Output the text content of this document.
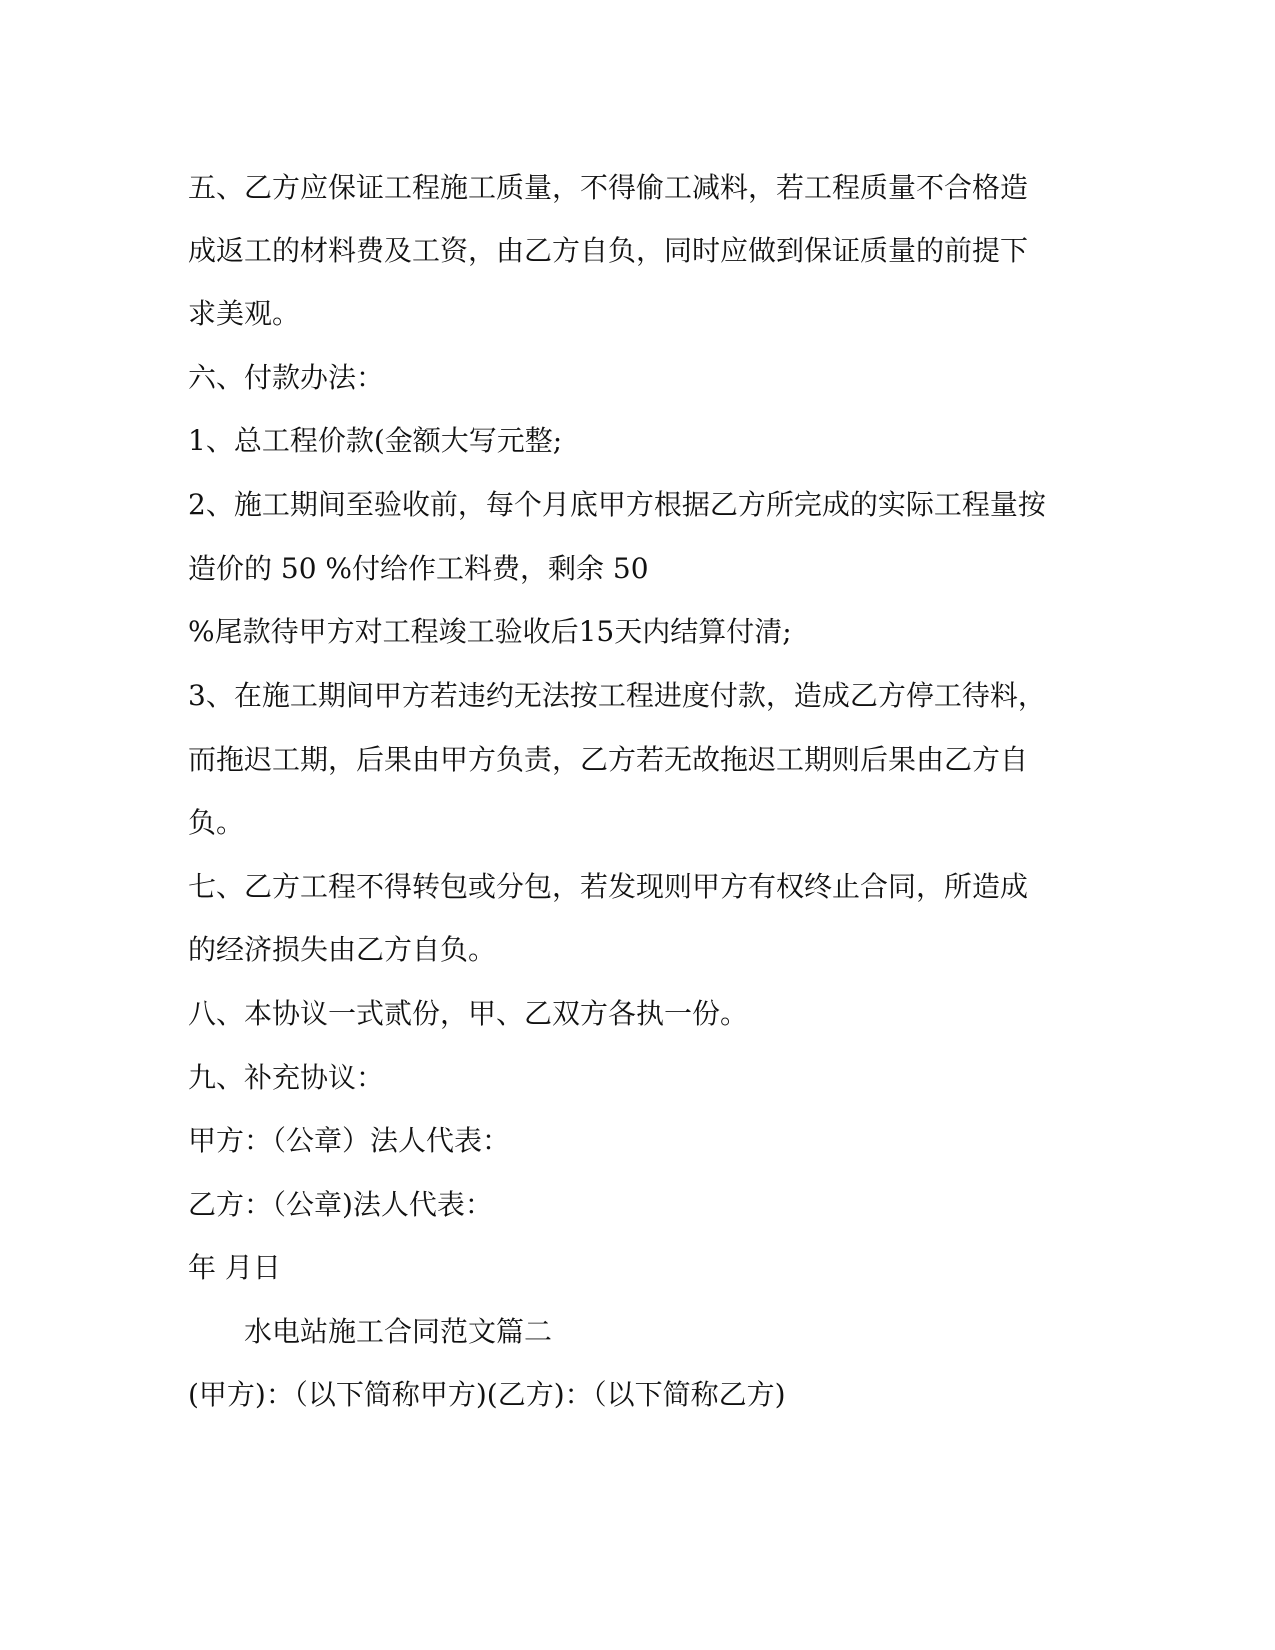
五、乙方应保证工程施工质量，不得偷工减料，若工程质量不合格造
成返工的材料费及工资，由乙方自负，同时应做到保证质量的前提下
求美观。
六、付款办法：
1、总工程价款(金额大写元整;
2、施工期间至验收前，每个月底甲方根据乙方所完成的实际工程量按
造价的 50 %付给作工料费，剩余 50
%尾款待甲方对工程竣工验收后15天内结算付清;
3、在施工期间甲方若违约无法按工程进度付款，造成乙方停工待料，
而拖迟工期，后果由甲方负责，乙方若无故拖迟工期则后果由乙方自
负。
七、乙方工程不得转包或分包，若发现则甲方有权终止合同，所造成
的经济损失由乙方自负。
八、本协议一式贰份，甲、乙双方各执一份。
九、补充协议：
甲方：（公章）法人代表：
乙方：（公章)法人代表：
年 月日
水电站施工合同范文篇二
(甲方)：（以下简称甲方)(乙方)：（以下简称乙方)
